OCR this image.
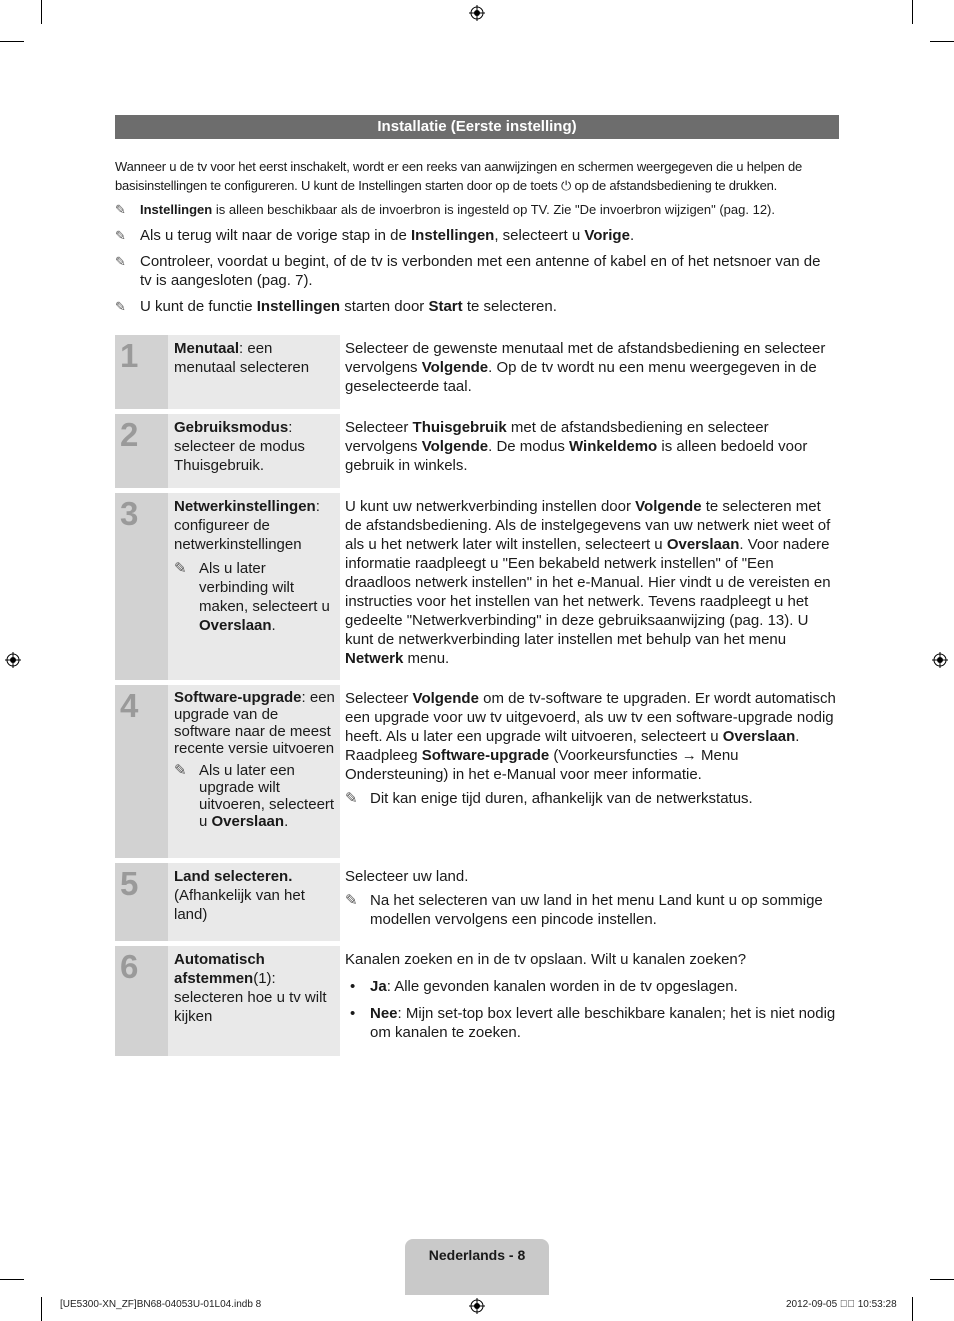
Installatie (Eerste instelling)

Wanneer u de tv voor het eerst inschakelt, wordt er een reeks van aanwijzingen en schermen weergegeven die u helpen de basisinstellingen te configureren. U kunt de Instellingen starten door op de toets ⏻ op de afstandsbediening te drukken.

✎	Instellingen is alleen beschikbaar als de invoerbron is ingesteld op TV. Zie "De invoerbron wijzigen" (pag. 12).
✎ Als u terug wilt naar de vorige stap in de Instellingen, selecteert u Vorige.
✎ Controleer, voordat u begint, of de tv is verbonden met een antenne of kabel en of het netsnoer van de tv is aangesloten (pag. 7).
✎ U kunt de functie Instellingen starten door Start te selecteren.
1	Menutaal: een menutaal selecteren

Selecteer de gewenste menutaal met de afstandsbediening en selecteer vervolgens Volgende. Op de tv wordt nu een menu weergegeven in de geselecteerde taal.

2	Gebruiksmodus: selecteer de modus Thuisgebruik.

Selecteer Thuisgebruik met de afstandsbediening en selecteer vervolgens Volgende. De modus Winkeldemo is alleen bedoeld voor gebruik in winkels.

3	Netwerkinstellingen: configureer de netwerkinstellingen
✎ Als u later verbinding wilt maken, selecteert u Overslaan.

U kunt uw netwerkverbinding instellen door Volgende te selecteren met de afstandsbediening. Als de instelgegevens van uw netwerk niet weet of als u het netwerk later wilt instellen, selecteert u Overslaan. Voor nadere informatie raadpleegt u "Een bekabeld netwerk instellen" of "Een draadloos netwerk instellen" in het e-Manual. Hier vindt u de vereisten en instructies voor het instellen van het netwerk. Tevens raadpleegt u het gedeelte "Netwerkverbinding" in deze gebruiksaanwijzing (pag. 13). U kunt de netwerkverbinding later instellen met behulp van het menu Netwerk menu.

4	Software-upgrade: een upgrade van de software naar de meest recente versie uitvoeren
✎ Als u later een upgrade wilt uitvoeren, selecteert u Overslaan.

Selecteer Volgende om de tv-software te upgraden. Er wordt automatisch een upgrade voor uw tv uitgevoerd, als uw tv een software-upgrade nodig heeft. Als u later een upgrade wilt uitvoeren, selecteert u Overslaan. Raadpleeg Software-upgrade (Voorkeursfuncties → Menu Ondersteuning) in het e-Manual voor meer informatie.

✎ Dit kan enige tijd duren, afhankelijk van de netwerkstatus.
5	Land selecteren. (Afhankelijk van het land)

Selecteer uw land.

✎ Na het selecteren van uw land in het menu Land kunt u op sommige modellen vervolgens een pincode instellen.
6	Automatisch afstemmen(1): selecteren hoe u tv wilt kijken

Kanalen zoeken en in de tv opslaan. Wilt u kanalen zoeken?

• Ja: Alle gevonden kanalen worden in de tv opgeslagen.
• Nee: Mijn set-top box levert alle beschikbare kanalen; het is niet nodig om kanalen te zoeken.
Nederlands - 8
[UE5300-XN_ZF]BN68-04053U-01L04.indb 8	2012-09-05 ￿￿ 10:53:28
